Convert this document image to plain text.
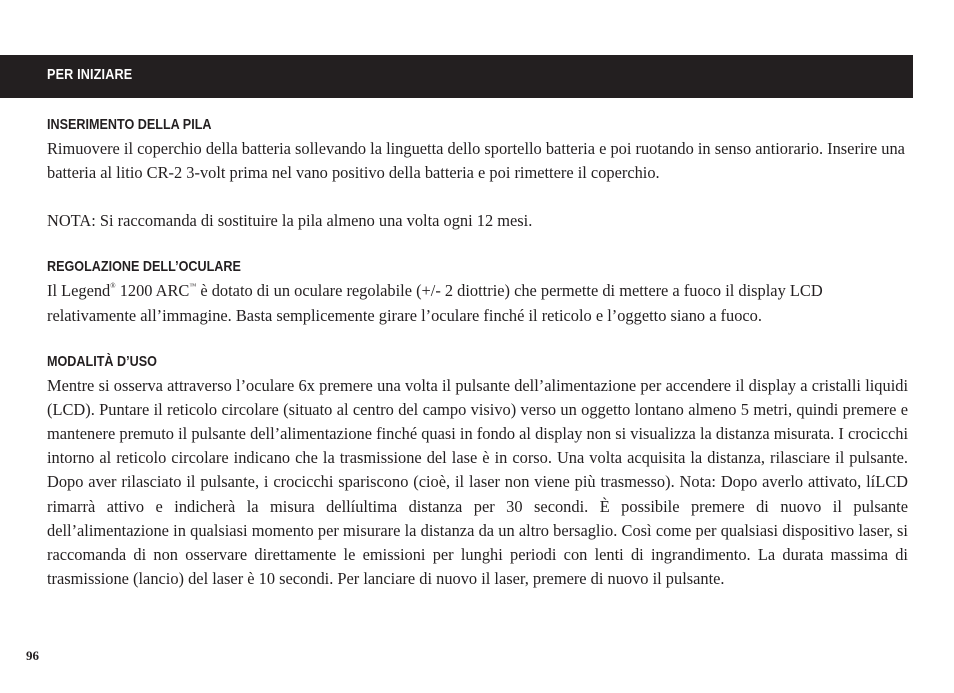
PER INIZIARE
INSERIMENTO DELLA PILA

Rimuovere il coperchio della batteria sollevando la linguetta dello sportello batteria e poi ruotando in senso antiorario. Inserire una batteria al litio CR-2 3-volt prima nel vano positivo della batteria e poi rimettere il coperchio.

NOTA: Si raccomanda di sostituire la pila almeno una volta ogni 12 mesi.

REGOLAZIONE DELL’OCULARE

Il Legend® 1200 ARC™ è dotato di un oculare regolabile (+/- 2 diottrie) che permette di mettere a fuoco il display LCD relativamente all’immagine. Basta semplicemente girare l’oculare finché il reticolo e l’oggetto siano a fuoco.

MODALITÀ D’USO

Mentre si osserva attraverso l’oculare 6x premere una volta il pulsante dell’alimentazione per accendere il display a cristalli liquidi (LCD). Puntare il reticolo circolare (situato al centro del campo visivo) verso un oggetto lontano almeno 5 metri, quindi premere e mantenere premuto il pulsante dell’alimentazione finché quasi in fondo al display non si visualizza la distanza misurata. I crocicchi intorno al reticolo circolare indicano che la trasmissione del lase è in corso. Una volta acquisita la distanza, rilasciare il pulsante. Dopo aver rilasciato il pulsante, i crocicchi spariscono (cioè, il laser non viene più trasmesso). Nota: Dopo averlo attivato, líLCD rimarrà attivo e indicherà la misura dellíultima distanza per 30 secondi. È possibile premere di nuovo il pulsante dell’alimentazione in qualsiasi momento per misurare la distanza da un altro bersaglio. Così come per qualsiasi dispositivo laser, si raccomanda di non osservare direttamente le emissioni per lunghi periodi con lenti di ingrandimento. La durata massima di trasmissione (lancio) del laser è 10 secondi. Per lanciare di nuovo il laser, premere di nuovo il pulsante.

96
